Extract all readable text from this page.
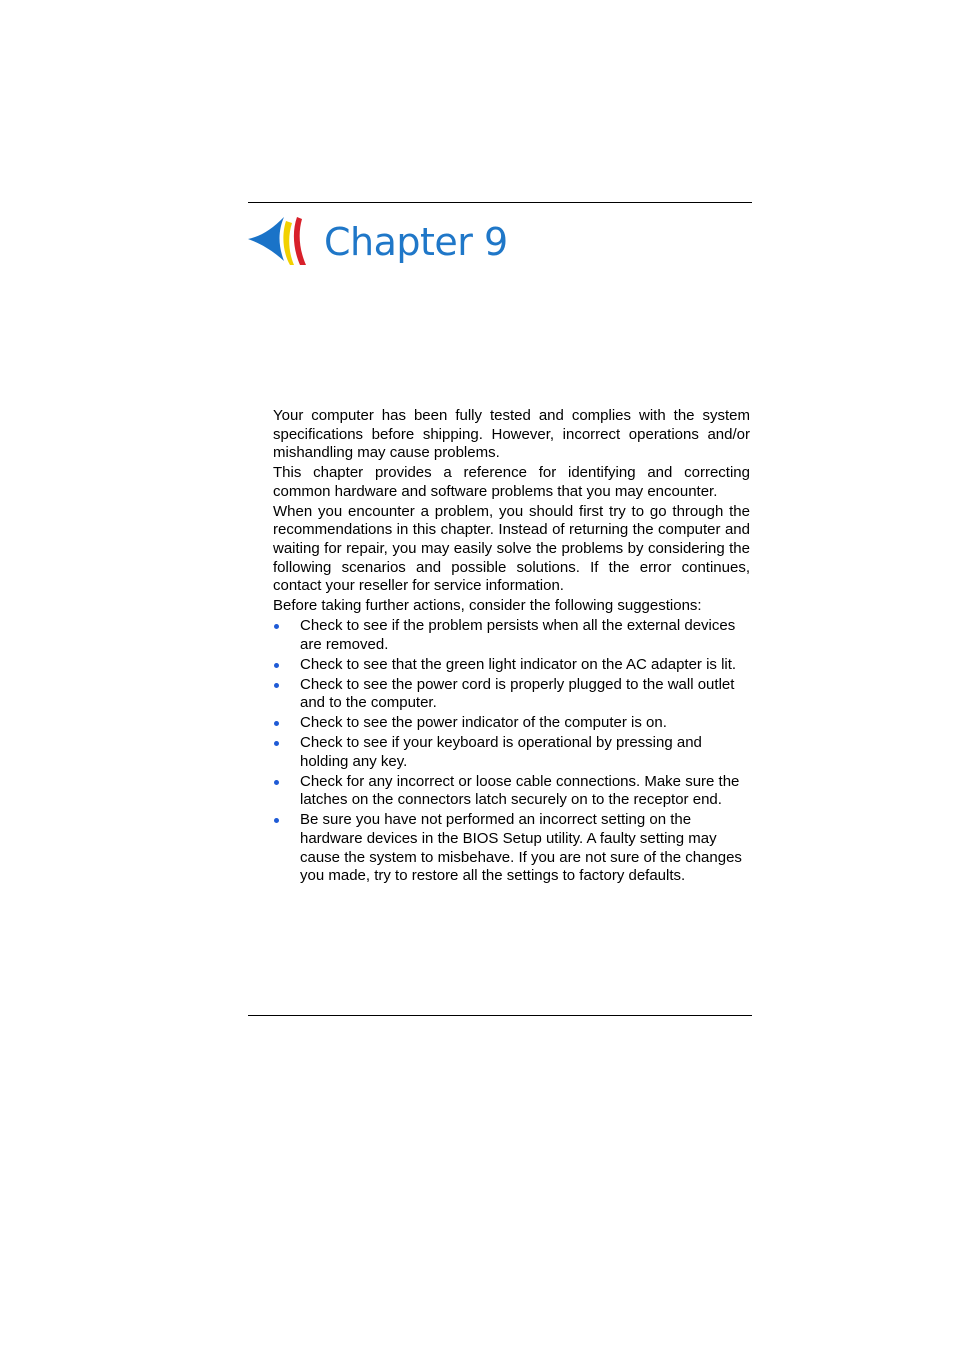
Chapter 9

Your computer has been fully tested and complies with the system specifications before shipping. However, incorrect operations and/or mishandling may cause problems.

This chapter provides a reference for identifying and correcting common hardware and software problems that you may encounter.

When you encounter a problem, you should first try to go through the recommendations in this chapter. Instead of returning the computer and waiting for repair, you may easily solve the problems by considering the following scenarios and possible solutions. If the error continues, contact your reseller for service information.

Before taking further actions, consider the following suggestions:

Check to see if the problem persists when all the external devices are removed.
Check to see that the green light indicator on the AC adapter is lit.
Check to see the power cord is properly plugged to the wall outlet and to the computer.
Check to see the power indicator of the computer is on.
Check to see if your keyboard is operational by pressing and holding any key.
Check for any incorrect or loose cable connections. Make sure the latches on the connectors latch securely on to the receptor end.
Be sure you have not performed an incorrect setting on the hardware devices in the BIOS Setup utility. A faulty setting may cause the system to misbehave. If you are not sure of the changes you made, try to restore all the settings to factory defaults.
